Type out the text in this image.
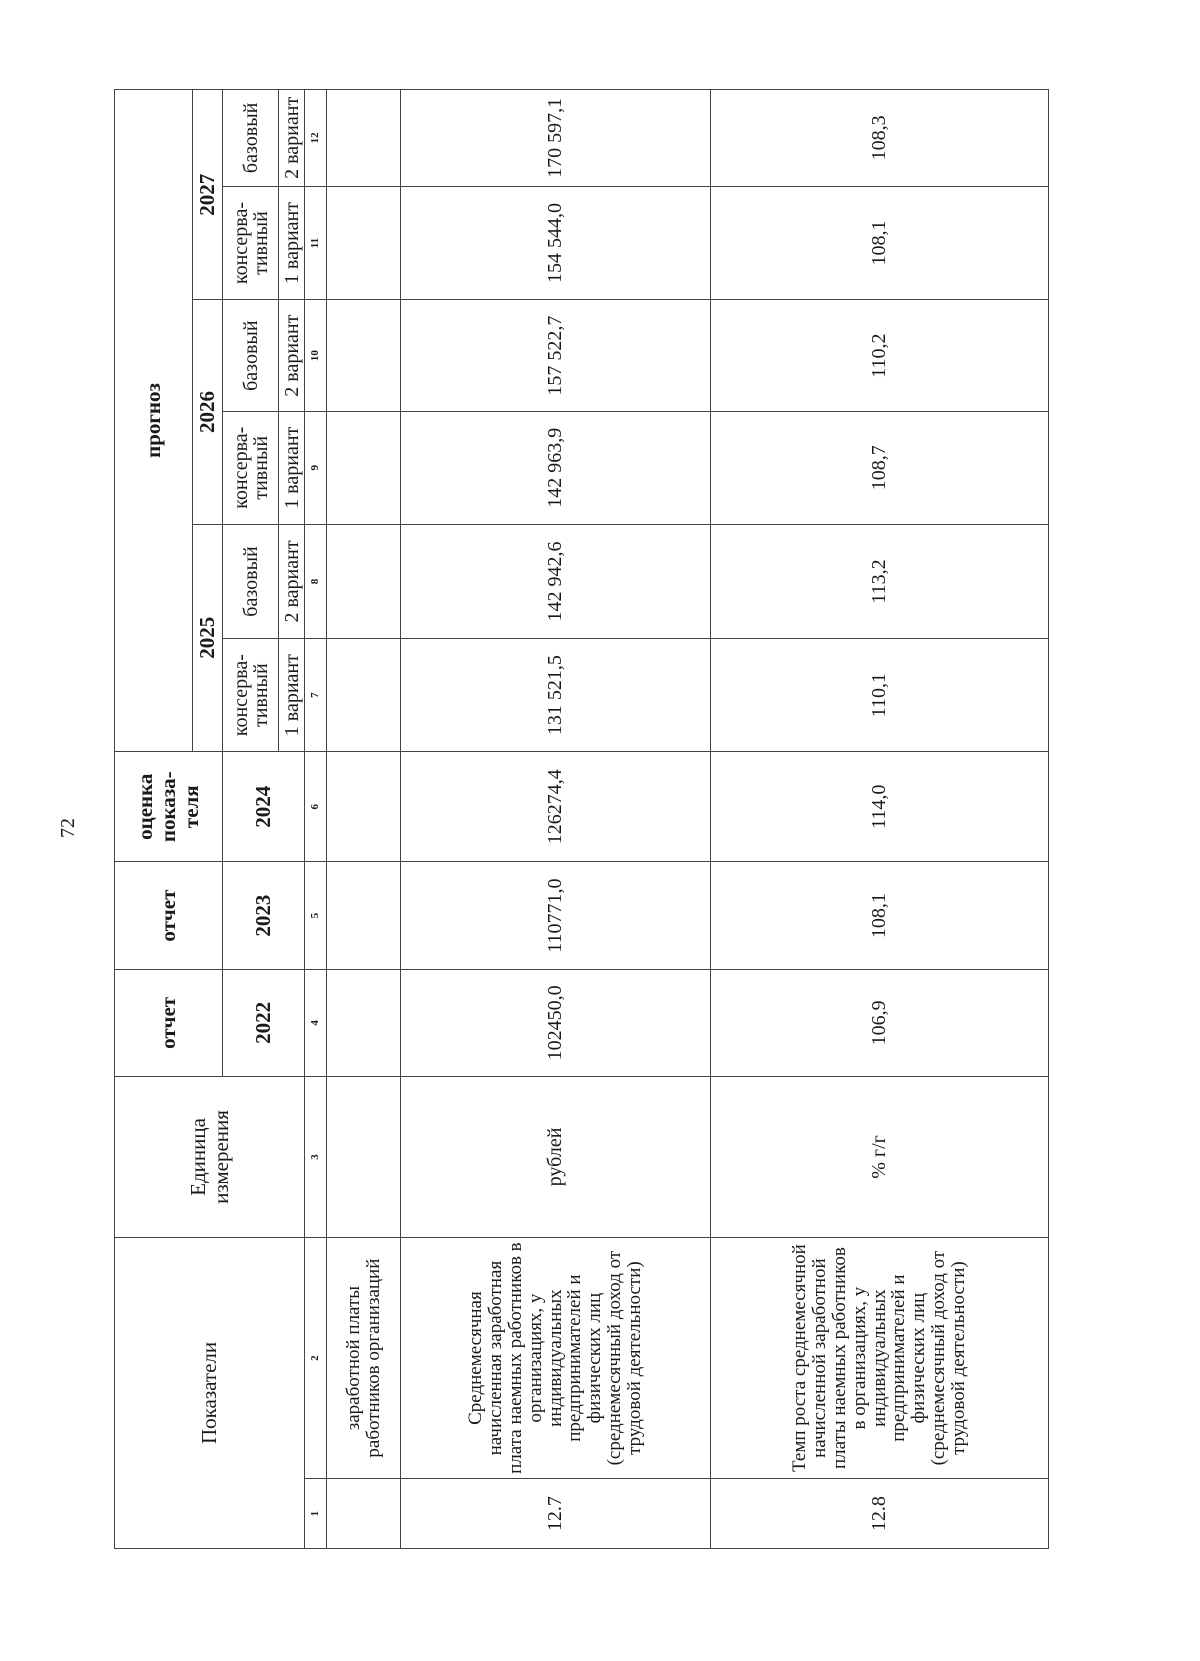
72
Показатели		Единица измерения	отчет	отчет	оценка показа-теля	прогноз					
						2025		2026		2027	
			2022	2023	2024	консерва-тивный	базовый	консерва-тивный	базовый	консерва-тивный	базовый
						1 вариант	2 вариант	1 вариант	2 вариант	1 вариант	2 вариант
1	2	3	4	5	6	7	8	9	10	11	12
	заработной платы работников организаций										
12.7	Среднемесячная начисленная заработная плата наемных работников в организациях, у индивидуальных предпринимателей и физических лиц (среднемесячный доход от трудовой деятельности)	рублей	102450,0	110771,0	126274,4	131 521,5	142 942,6	142 963,9	157 522,7	154 544,0	170 597,1
12.8	Темп роста среднемесячной начисленной заработной платы наемных работников в организациях, у индивидуальных предпринимателей и физических лиц (среднемесячный доход от трудовой деятельности)	% г/г	106,9	108,1	114,0	110,1	113,2	108,7	110,2	108,1	108,3
